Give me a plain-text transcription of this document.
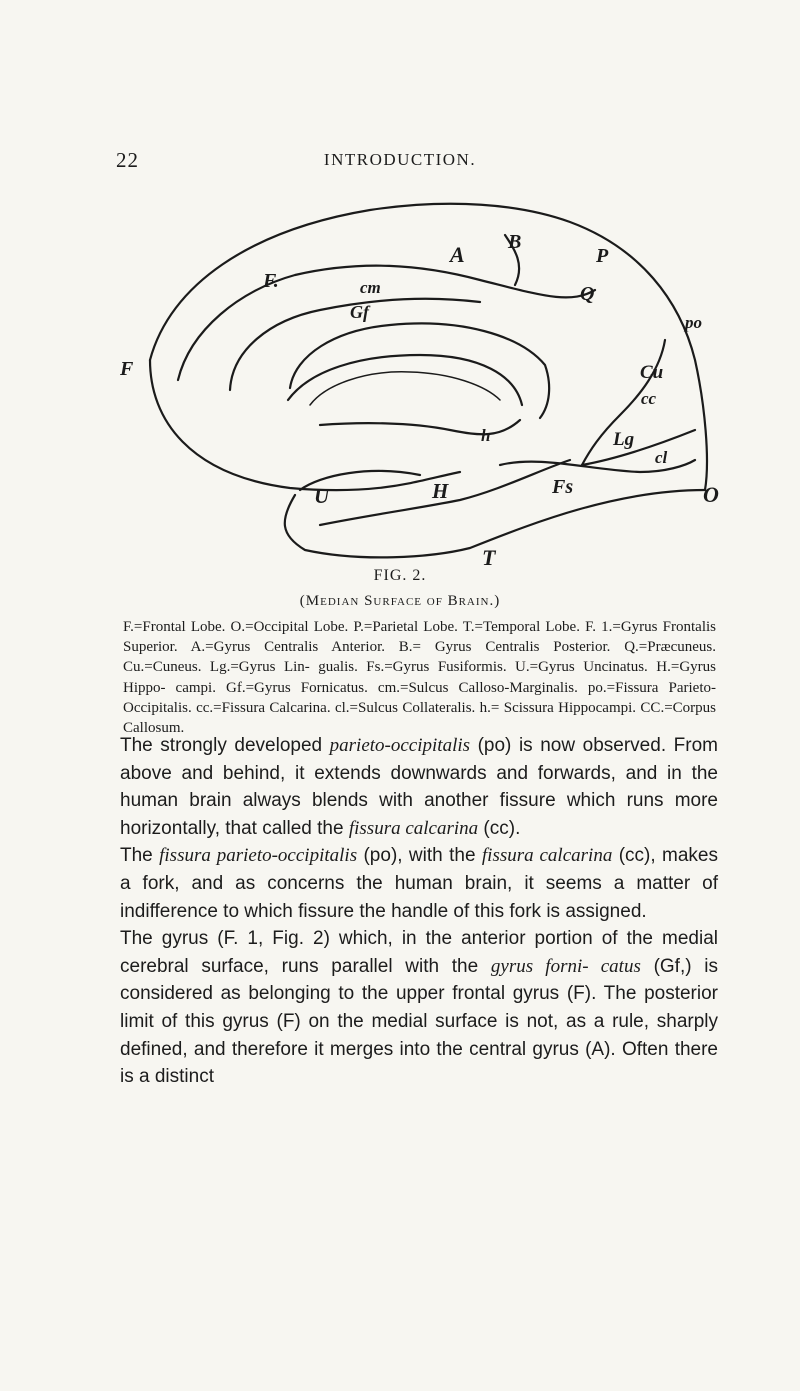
22	INTRODUCTION.
F
F.
A B
P
cm
Gf
Q
po
Cu
cc
Lg
h
cl
O
U	H	Fs
T
FIG. 2.
(Median Surface of Brain.)
F.=Frontal Lobe. O.=Occipital Lobe. P.=Parietal Lobe. T.=Temporal Lobe. F. 1.=Gyrus Frontalis Superior. A.=Gyrus Centralis Anterior. B.= Gyrus Centralis Posterior. Q.=Præcuneus. Cu.=Cuneus. Lg.=Gyrus Lin- gualis. Fs.=Gyrus Fusiformis. U.=Gyrus Uncinatus. H.=Gyrus Hippo- campi. Gf.=Gyrus Fornicatus. cm.=Sulcus Calloso-Marginalis. po.=Fissura Parieto-Occipitalis. cc.=Fissura Calcarina. cl.=Sulcus Collateralis. h.= Scissura Hippocampi. CC.=Corpus Callosum.

The strongly developed parieto-occipitalis (po) is now observed. From above and behind, it extends downwards and forwards, and in the human brain always blends with another fissure which runs more horizontally, that called the fissura calcarina (cc).

The fissura parieto-occipitalis (po), with the fissura calcarina (cc), makes a fork, and as concerns the human brain, it seems a matter of indifference to which fissure the handle of this fork is assigned.

The gyrus (F. 1, Fig. 2) which, in the anterior portion of the medial cerebral surface, runs parallel with the gyrus forni- catus (Gf,) is considered as belonging to the upper frontal gyrus (F). The posterior limit of this gyrus (F) on the medial surface is not, as a rule, sharply defined, and therefore it merges into the central gyrus (A). Often there is a distinct
